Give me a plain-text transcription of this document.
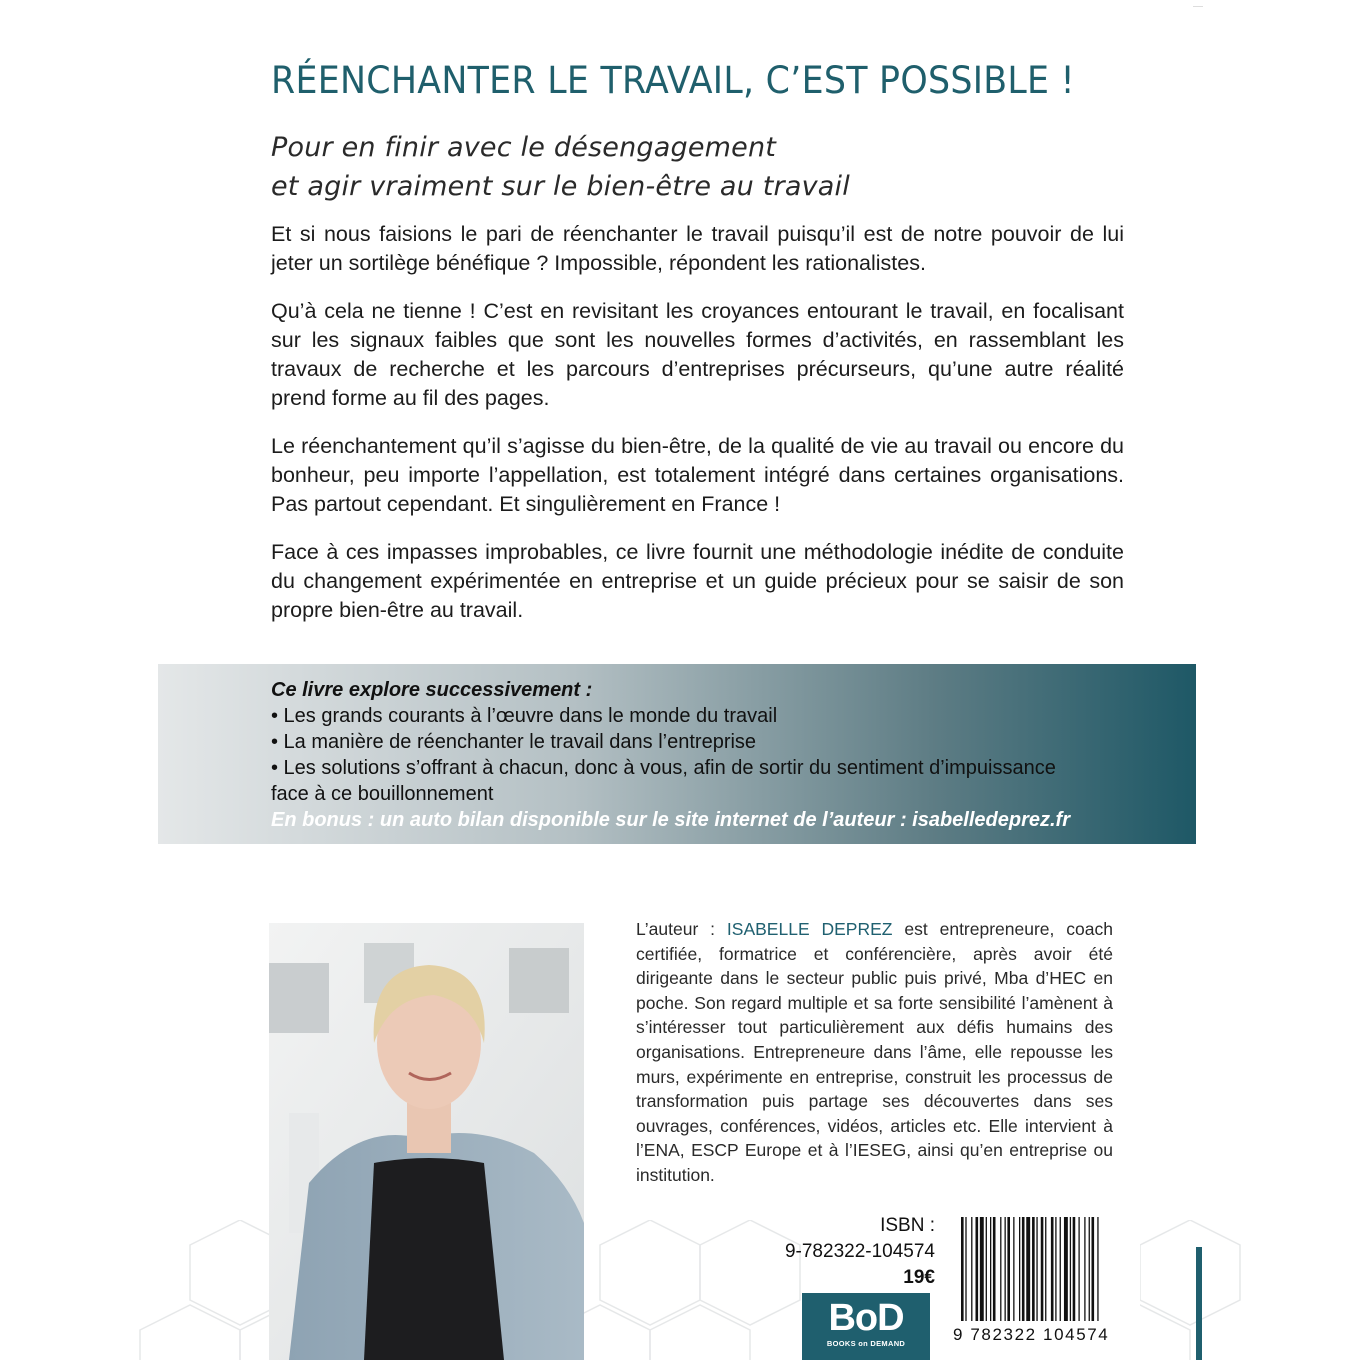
RÉENCHANTER LE TRAVAIL, C’EST POSSIBLE !
Pour en finir avec le désengagement
et agir vraiment sur le bien-être au travail

Et si nous faisions le pari de réenchanter le travail puisqu’il est de notre pouvoir de lui jeter un sortilège bénéfique ? Impossible, répondent les rationalistes.

Qu’à cela ne tienne ! C’est en revisitant les croyances entourant le travail, en focalisant sur les signaux faibles que sont les nouvelles formes d’activités, en rassemblant les travaux de recherche et les parcours d’entreprises précurseurs, qu’une autre réalité prend forme au fil des pages.

Le réenchantement qu’il s’agisse du bien-être, de la qualité de vie au travail ou encore du bonheur, peu importe l’appellation, est totalement intégré dans certaines organisations. Pas partout cependant. Et singulièrement en France !

Face à ces impasses improbables, ce livre fournit une méthodologie inédite de conduite du changement expérimentée en entreprise et un guide précieux pour se saisir de son propre bien-être au travail.

Ce livre explore successivement :
• Les grands courants à l’œuvre dans le monde du travail
• La manière de réenchanter le travail dans l’entreprise
• Les solutions s’offrant à chacun, donc à vous, afin de sortir du sentiment d’impuissance
face à ce bouillonnement
En bonus : un auto bilan disponible sur le site internet de l’auteur : isabelledeprez.fr
L’auteur : ISABELLE DEPREZ est entrepreneure, coach certifiée, formatrice et conférencière, après avoir été dirigeante dans le secteur public puis privé, Mba d’HEC en poche. Son regard multiple et sa forte sensibilité l’amènent à s’intéresser tout particulièrement aux défis humains des organisations. Entrepreneure dans l’âme, elle repousse les murs, expérimente en entreprise, construit les processus de transformation puis partage ses découvertes dans ses ouvrages, conférences, vidéos, articles etc. Elle intervient à l’ENA, ESCP Europe et à l’IESEG, ainsi qu’en entreprise ou institution.
ISBN :
9-782322-104574
19€
BoD
BOOKS on DEMAND	9 782322 104574
